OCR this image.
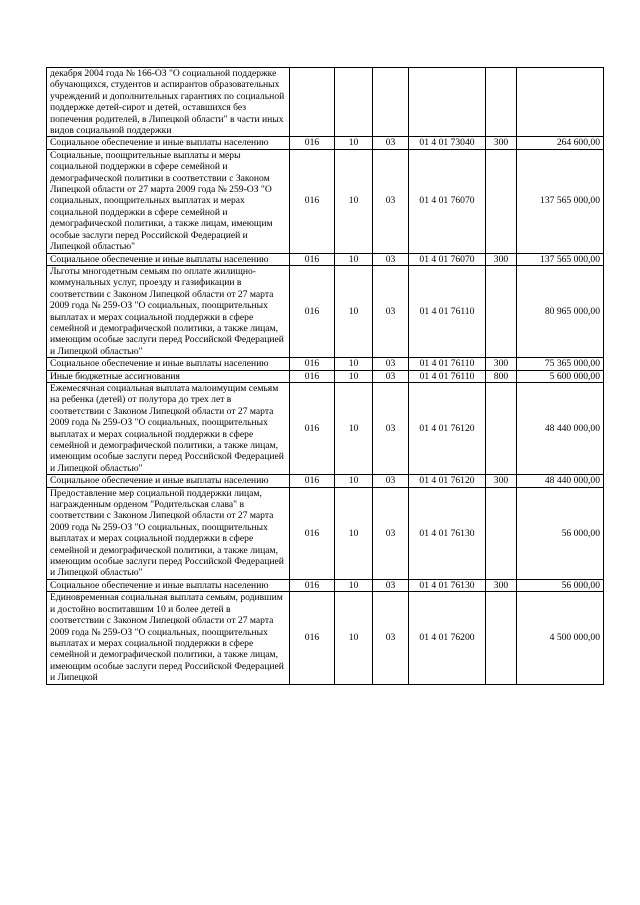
декабря 2004 года № 166-ОЗ "О социальной поддержке обучающихся, студентов и аспирантов образовательных учреждений и дополнительных гарантиях по социальной поддержке детей-сирот и детей, оставшихся без попечения родителей, в Липецкой области" в части иных видов социальной поддержки						
Социальное обеспечение и иные выплаты населению	016	10	03	01 4 01 73040	300	264 600,00
Социальные, поощрительные выплаты и меры социальной поддержки в сфере семейной и демографической политики в соответствии с Законом Липецкой области от 27 марта 2009 года № 259-ОЗ "О социальных, поощрительных выплатах и мерах социальной поддержки в сфере семейной и демографической политики, а также лицам, имеющим особые заслуги перед Российской Федерацией и Липецкой областью"	016	10	03	01 4 01 76070		137 565 000,00
Социальное обеспечение и иные выплаты населению	016	10	03	01 4 01 76070	300	137 565 000,00
Льготы многодетным семьям по оплате жилищно-коммунальных услуг, проезду и газификации в соответствии с Законом Липецкой области от 27 марта 2009 года № 259-ОЗ "О социальных, поощрительных выплатах и мерах социальной поддержки в сфере семейной и демографической политики, а также лицам, имеющим особые заслуги перед Российской Федерацией и Липецкой областью"	016	10	03	01 4 01 76110		80 965 000,00
Социальное обеспечение и иные выплаты населению	016	10	03	01 4 01 76110	300	75 365 000,00
Иные бюджетные ассигнования	016	10	03	01 4 01 76110	800	5 600 000,00
Ежемесячная социальная выплата малоимущим семьям на ребенка (детей) от полутора до трех лет в соответствии с Законом Липецкой области от 27 марта 2009 года № 259-ОЗ "О социальных, поощрительных выплатах и мерах социальной поддержки в сфере семейной и демографической политики, а также лицам, имеющим особые заслуги перед Российской Федерацией и Липецкой областью"	016	10	03	01 4 01 76120		48 440 000,00
Социальное обеспечение и иные выплаты населению	016	10	03	01 4 01 76120	300	48 440 000,00
Предоставление мер социальной поддержки лицам, награжденным орденом "Родительская слава" в соответствии с Законом Липецкой области от 27 марта 2009 года № 259-ОЗ "О социальных, поощрительных выплатах и мерах социальной поддержки в сфере семейной и демографической политики, а также лицам, имеющим особые заслуги перед Российской Федерацией и Липецкой областью"	016	10	03	01 4 01 76130		56 000,00
Социальное обеспечение и иные выплаты населению	016	10	03	01 4 01 76130	300	56 000,00
Единовременная социальная выплата семьям, родившим и достойно воспитавшим 10 и более детей в соответствии с Законом Липецкой области от 27 марта 2009 года № 259-ОЗ "О социальных, поощрительных выплатах и мерах социальной поддержки в сфере семейной и демографической политики, а также лицам, имеющим особые заслуги перед Российской Федерацией и Липецкой	016	10	03	01 4 01 76200		4 500 000,00
